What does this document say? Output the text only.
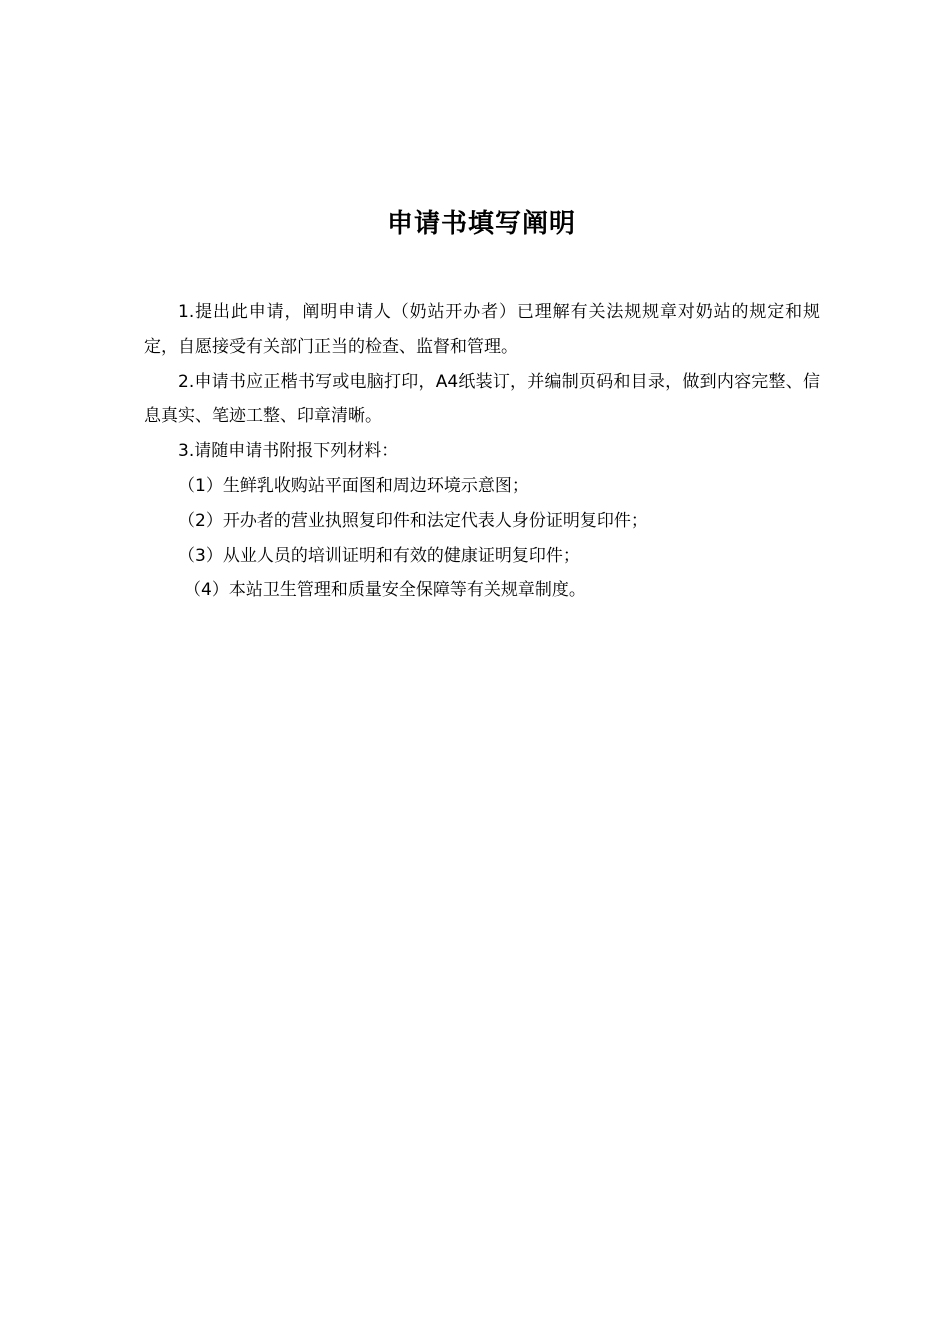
申请书填写阐明

1.提出此申请，阐明申请人（奶站开办者）已理解有关法规规章对奶站的规定和规定，自愿接受有关部门正当的检查、监督和管理。

2.申请书应正楷书写或电脑打印，A4纸装订，并编制页码和目录，做到内容完整、信息真实、笔迹工整、印章清晰。

3.请随申请书附报下列材料：

（1）生鲜乳收购站平面图和周边环境示意图；
（2）开办者的营业执照复印件和法定代表人身份证明复印件；
（3）从业人员的培训证明和有效的健康证明复印件；
（4）本站卫生管理和质量安全保障等有关规章制度。
